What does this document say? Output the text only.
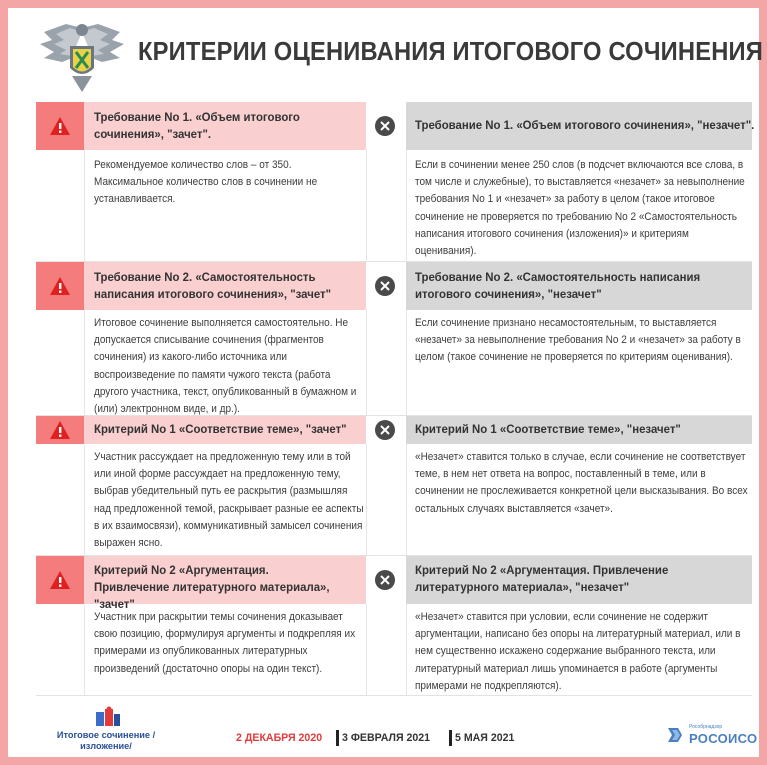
КРИТЕРИИ ОЦЕНИВАНИЯ ИТОГОВОГО СОЧИНЕНИЯ
Требование No 1. «Объем итогового сочинения», "зачет".
Требование No 1. «Объем итогового сочинения», "незачет".
Рекомендуемое количество слов – от 350. Максимальное количество слов в сочинении не устанавливается.
Если в сочинении менее 250 слов (в подсчет включаются все слова, в том числе и служебные), то выставляется «незачет» за невыполнение требования No 1 и «незачет» за работу в целом (такое итоговое сочинение не проверяется по требованию No 2 «Самостоятельность написания итогового сочинения (изложения)» и критериям оценивания).
Требование No 2. «Самостоятельность написания итогового сочинения», "зачет"
Требование No 2. «Самостоятельность написания итогового сочинения», "незачет"
Итоговое сочинение выполняется самостоятельно. Не допускается списывание сочинения (фрагментов сочинения) из какого-либо источника или воспроизведение по памяти чужого текста (работа другого участника, текст, опубликованный в бумажном и (или) электронном виде, и др.).
Если сочинение признано несамостоятельным, то выставляется «незачет» за невыполнение требования No 2 и «незачет» за работу в целом (такое сочинение не проверяется по критериям оценивания).
Критерий No 1 «Соответствие теме», "зачет"	Критерий No 1 «Соответствие теме», "незачет"
Участник рассуждает на предложенную тему или в той или иной форме рассуждает на предложенную тему, выбрав убедительный путь ее раскрытия (размышляя над предложенной темой, раскрывает разные ее аспекты в их взаимосвязи), коммуникативный замысел сочинения выражен ясно.
«Незачет» ставится только в случае, если сочинение не соответствует теме, в нем нет ответа на вопрос, поставленный в теме, или в сочинении не прослеживается конкретной цели высказывания. Во всех остальных случаях выставляется «зачет».
Критерий No 2 «Аргументация. Привлечение литературного материала», "зачет"
Критерий No 2 «Аргументация. Привлечение литературного материала», "незачет"
Участник при раскрытии темы сочинения доказывает свою позицию, формулируя аргументы и подкрепляя их примерами из опубликованных литературных произведений (достаточно опоры на один текст).
«Незачет» ставится при условии, если сочинение не содержит аргументации, написано без опоры на литературный материал, или в нем существенно искажено содержание выбранного текста, или литературный материал лишь упоминается в работе (аргументы примерами не подкрепляются).
Итоговое сочинение /изложение/
2 ДЕКАБРЯ 2020 3 ФЕВРАЛЯ 2021 5 МАЯ 2021
Рособрнадзор
РОСОИСО
